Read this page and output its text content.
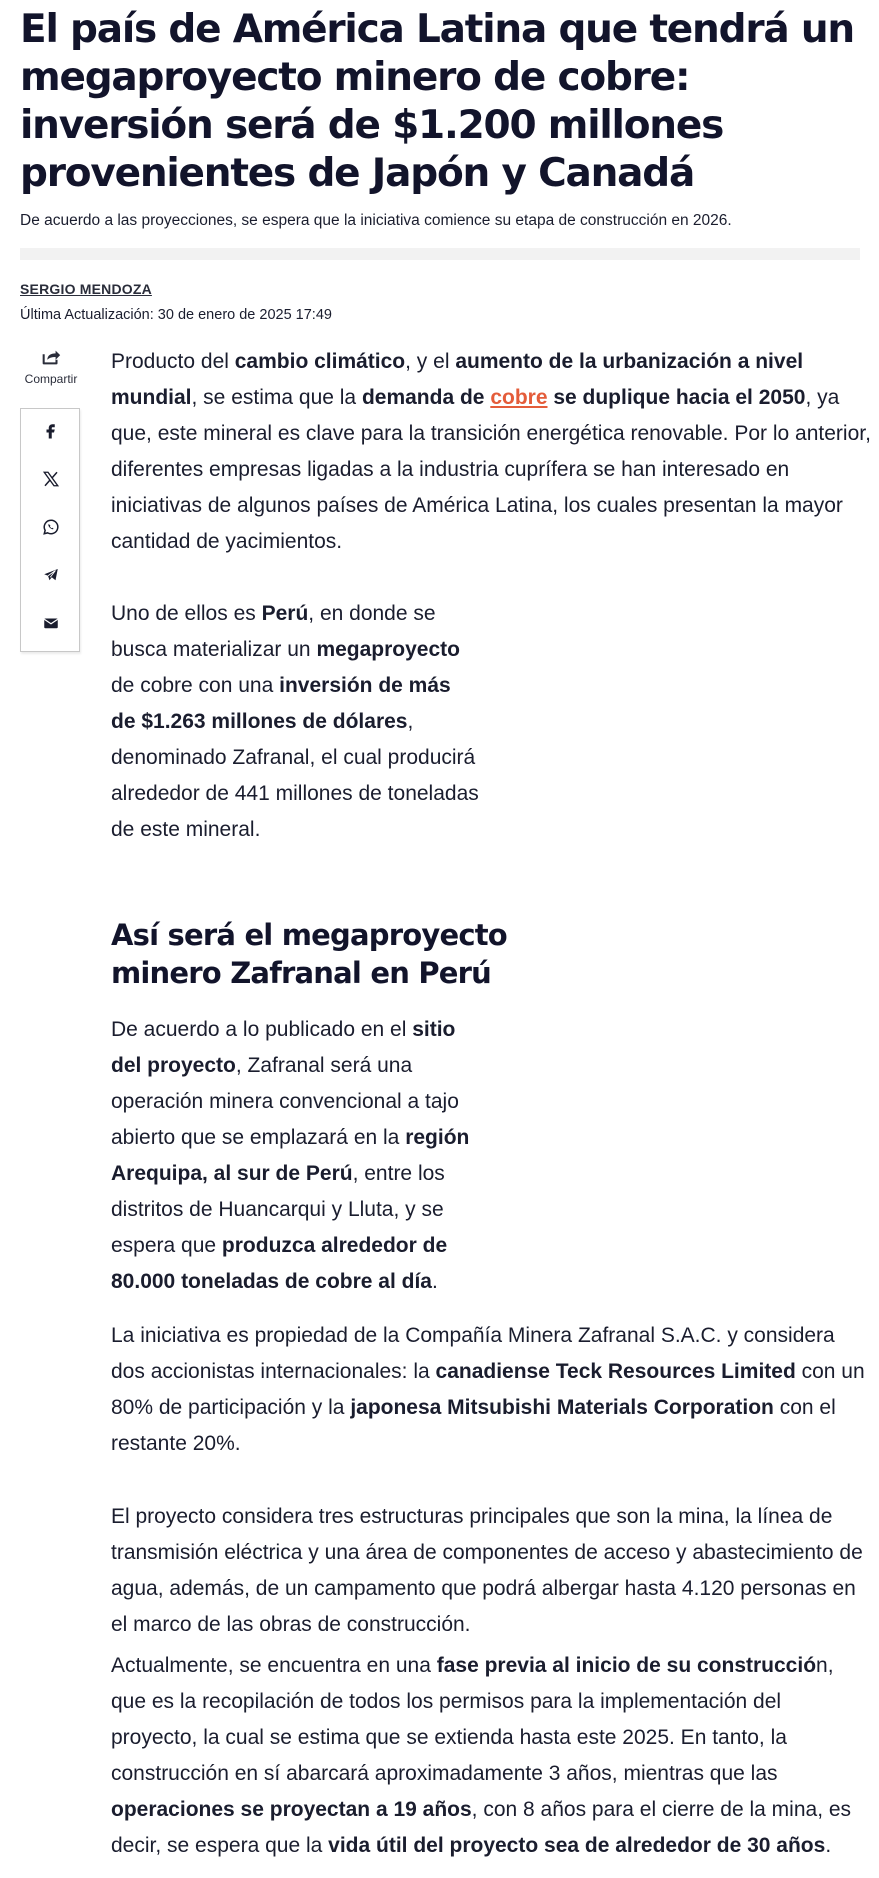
El país de América Latina que tendrá un megaproyecto minero de cobre: inversión será de $1.200 millones provenientes de Japón y Canadá

De acuerdo a las proyecciones, se espera que la iniciativa comience su etapa de construcción en 2026.

SERGIO MENDOZA
Última Actualización: 30 de enero de 2025 17:49
Compartir

Producto del cambio climático, y el aumento de la urbanización a nivel mundial, se estima que la demanda de cobre se duplique hacia el 2050, ya que, este mineral es clave para la transición energética renovable. Por lo anterior, diferentes empresas ligadas a la industria cuprífera se han interesado en iniciativas de algunos países de América Latina, los cuales presentan la mayor cantidad de yacimientos.

Uno de ellos es Perú, en donde se busca materializar un megaproyecto de cobre con una inversión de más de $1.263 millones de dólares, denominado Zafranal, el cual producirá alrededor de 441 millones de toneladas de este mineral.

Así será el megaproyecto minero Zafranal en Perú

De acuerdo a lo publicado en el sitio del proyecto, Zafranal será una operación minera convencional a tajo abierto que se emplazará en la región Arequipa, al sur de Perú, entre los distritos de Huancarqui y Lluta, y se espera que produzca alrededor de 80.000 toneladas de cobre al día.

La iniciativa es propiedad de la Compañía Minera Zafranal S.A.C. y considera dos accionistas internacionales: la canadiense Teck Resources Limited con un 80% de participación y la japonesa Mitsubishi Materials Corporation con el restante 20%.

El proyecto considera tres estructuras principales que son la mina, la línea de transmisión eléctrica y una área de componentes de acceso y abastecimiento de agua, además, de un campamento que podrá albergar hasta 4.120 personas en el marco de las obras de construcción.

Actualmente, se encuentra en una fase previa al inicio de su construcción, que es la recopilación de todos los permisos para la implementación del proyecto, la cual se estima que se extienda hasta este 2025. En tanto, la construcción en sí abarcará aproximadamente 3 años, mientras que las operaciones se proyectan a 19 años, con 8 años para el cierre de la mina, es decir, se espera que la vida útil del proyecto sea de alrededor de 30 años.
